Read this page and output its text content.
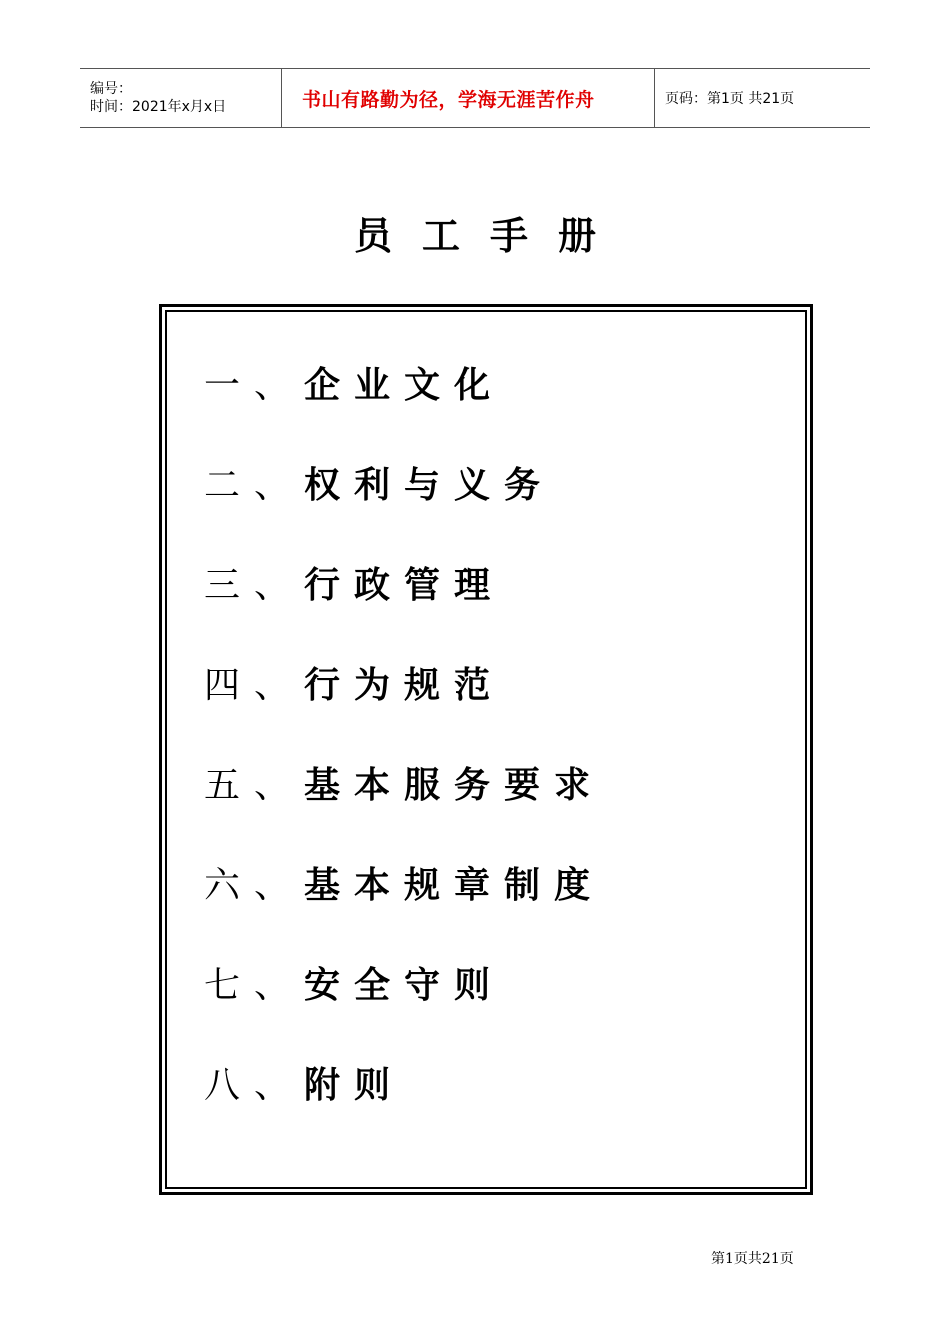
编号：
时间：2021年x月x日	书山有路勤为径，学海无涯苦作舟	页码：第1页 共21页
员工手册
一、企业文化
二、权利与义务
三、行政管理
四、行为规范
五、基本服务要求
六、基本规章制度
七、安全守则
八、附则
第1页共21页
